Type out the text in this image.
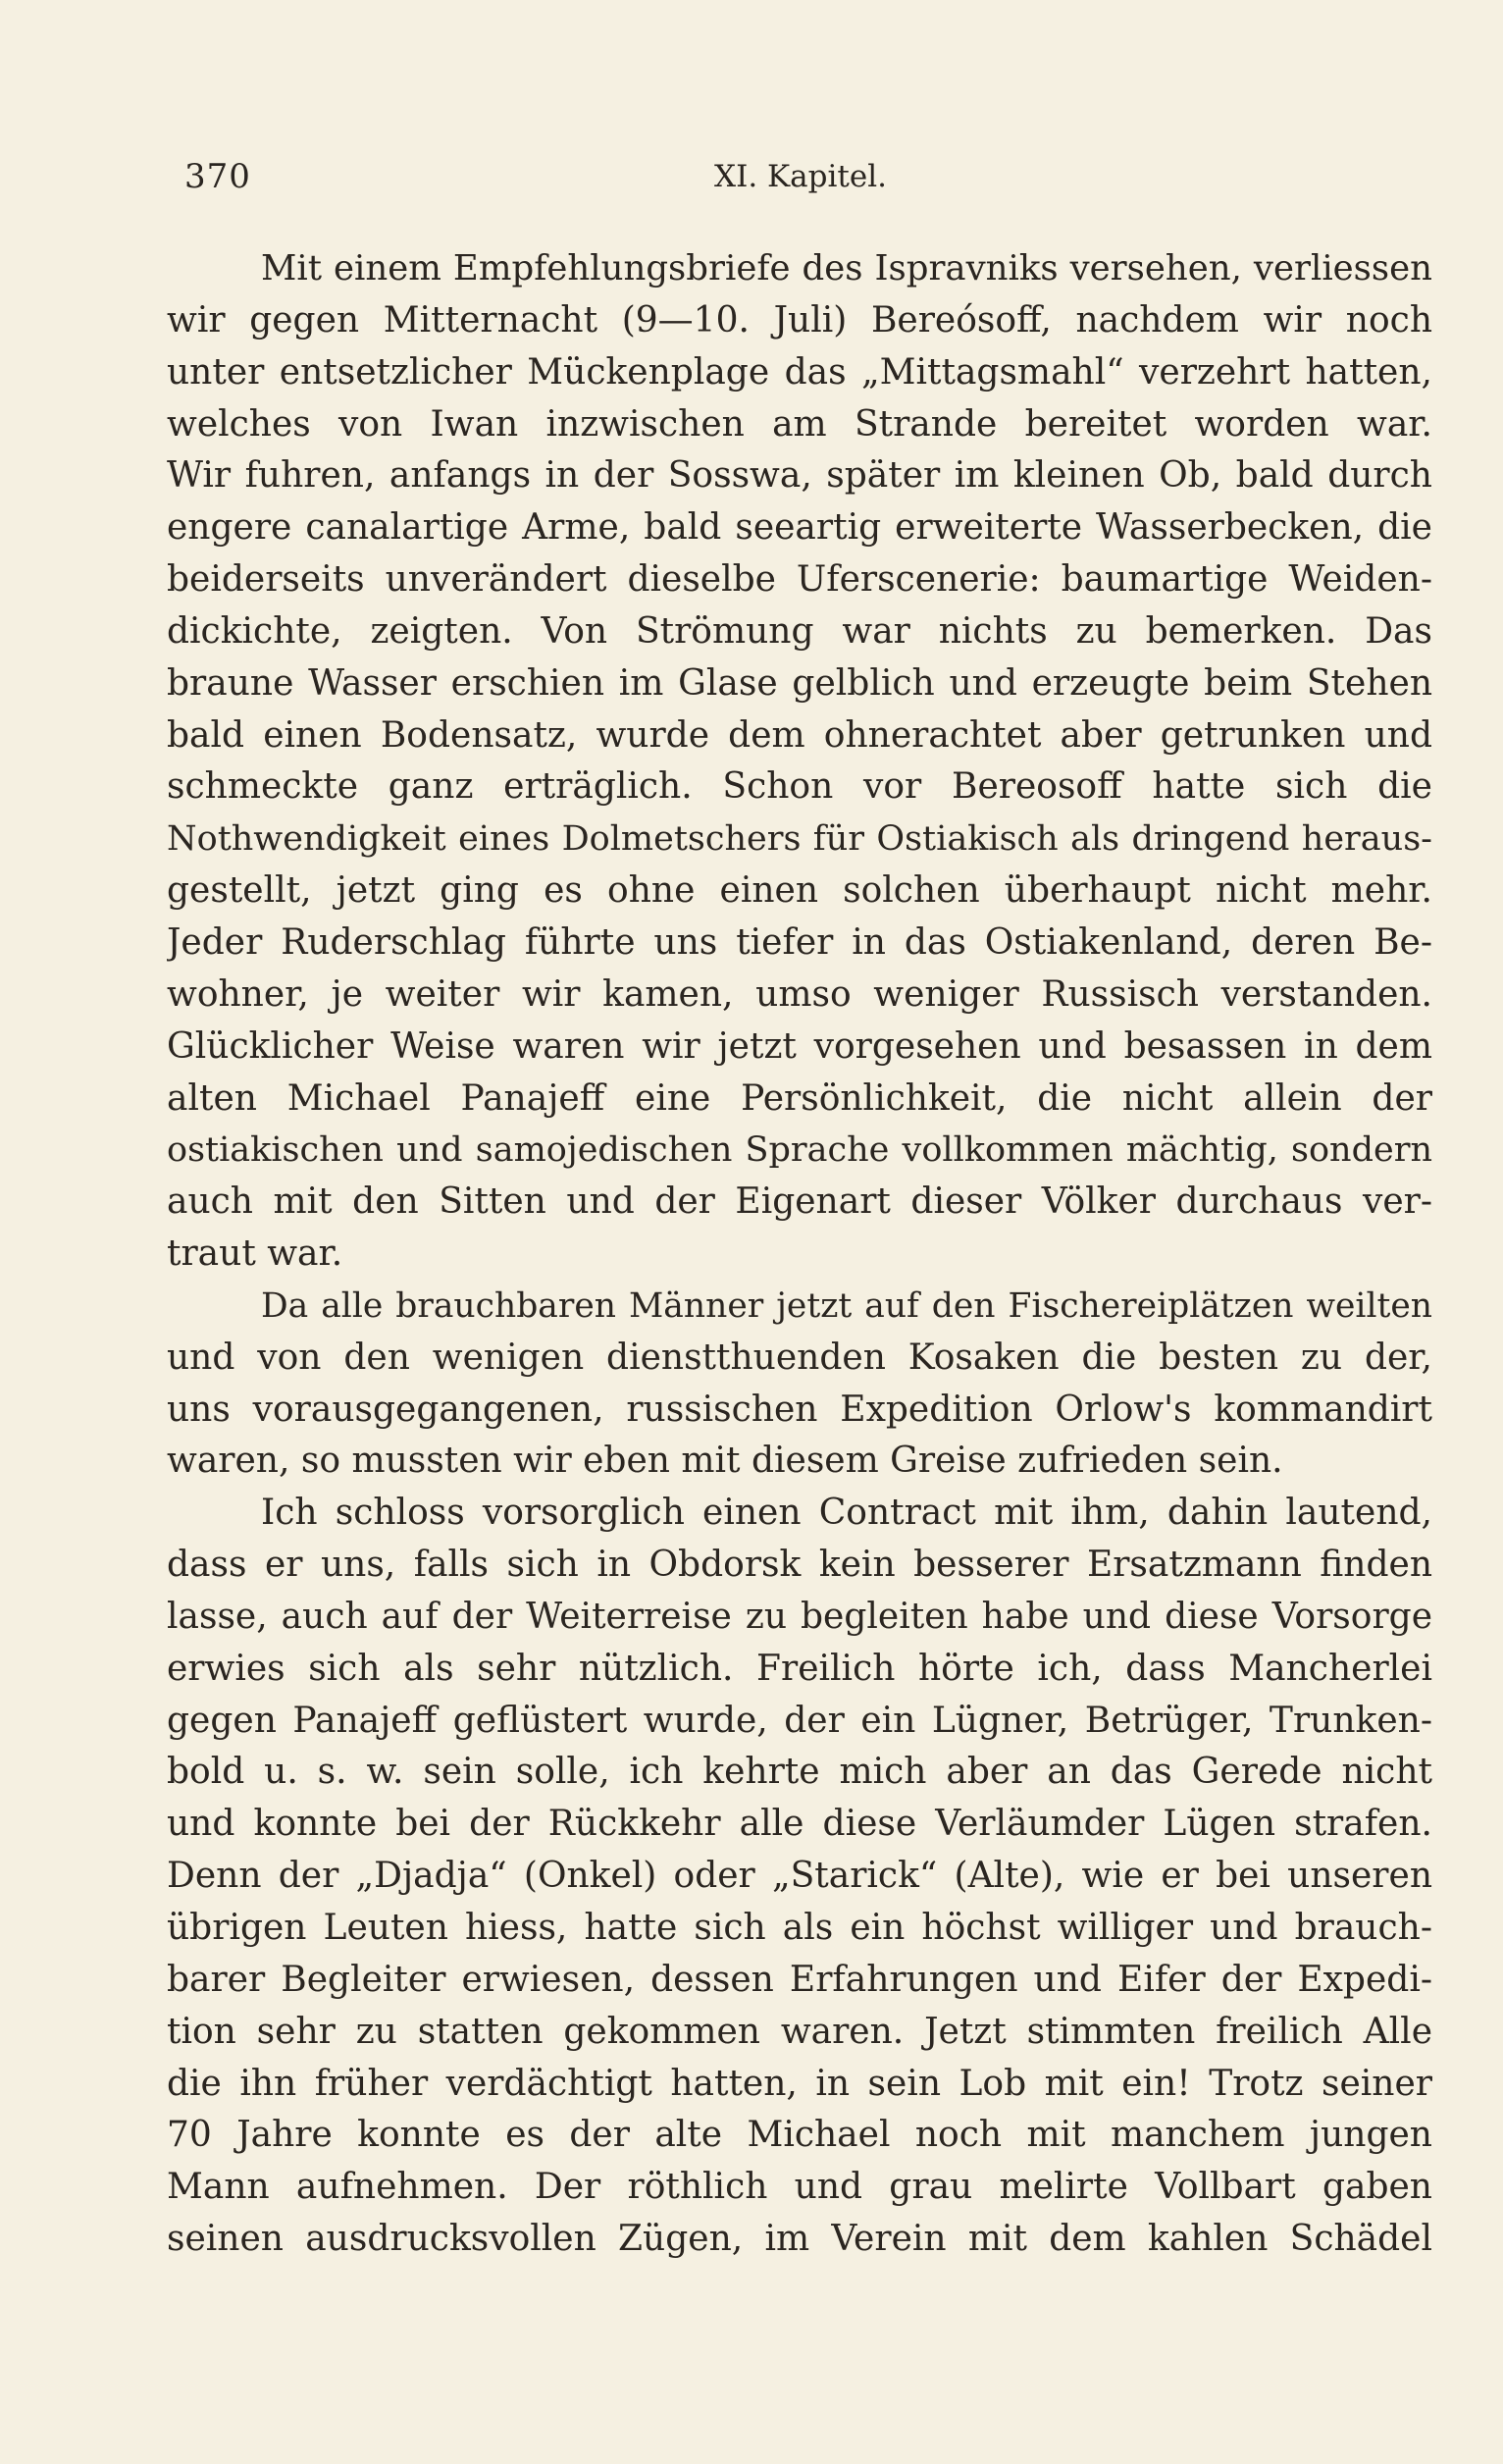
370	XI. Kapitel.
Mit einem Empfehlungsbriefe des Ispravniks versehen, verliessen
wir gegen Mitternacht (9—10. Juli) Bereósoff, nachdem wir noch
unter entsetzlicher Mückenplage das „Mittagsmahl“ verzehrt hatten,
welches von Iwan inzwischen am Strande bereitet worden war.
Wir fuhren, anfangs in der Sosswa, später im kleinen Ob, bald durch
engere canalartige Arme, bald seeartig erweiterte Wasserbecken, die
beiderseits unverändert dieselbe Uferscenerie: baumartige Weiden-
dickichte, zeigten. Von Strömung war nichts zu bemerken. Das
braune Wasser erschien im Glase gelblich und erzeugte beim Stehen
bald einen Bodensatz, wurde dem ohnerachtet aber getrunken und
schmeckte ganz erträglich. Schon vor Bereosoff hatte sich die
Nothwendigkeit eines Dolmetschers für Ostiakisch als dringend heraus-
gestellt, jetzt ging es ohne einen solchen überhaupt nicht mehr.
Jeder Ruderschlag führte uns tiefer in das Ostiakenland, deren Be-
wohner, je weiter wir kamen, umso weniger Russisch verstanden.
Glücklicher Weise waren wir jetzt vorgesehen und besassen in dem
alten Michael Panajeff eine Persönlichkeit, die nicht allein der
ostiakischen und samojedischen Sprache vollkommen mächtig, sondern
auch mit den Sitten und der Eigenart dieser Völker durchaus ver-
traut war.
Da alle brauchbaren Männer jetzt auf den Fischereiplätzen weilten
und von den wenigen dienstthuenden Kosaken die besten zu der,
uns vorausgegangenen, russischen Expedition Orlow's kommandirt
waren, so mussten wir eben mit diesem Greise zufrieden sein.
Ich schloss vorsorglich einen Contract mit ihm, dahin lautend,
dass er uns, falls sich in Obdorsk kein besserer Ersatzmann finden
lasse, auch auf der Weiterreise zu begleiten habe und diese Vorsorge
erwies sich als sehr nützlich. Freilich hörte ich, dass Mancherlei
gegen Panajeff geflüstert wurde, der ein Lügner, Betrüger, Trunken-
bold u. s. w. sein solle, ich kehrte mich aber an das Gerede nicht
und konnte bei der Rückkehr alle diese Verläumder Lügen strafen.
Denn der „Djadja“ (Onkel) oder „Starick“ (Alte), wie er bei unseren
übrigen Leuten hiess, hatte sich als ein höchst williger und brauch-
barer Begleiter erwiesen, dessen Erfahrungen und Eifer der Expedi-
tion sehr zu statten gekommen waren. Jetzt stimmten freilich Alle
die ihn früher verdächtigt hatten, in sein Lob mit ein! Trotz seiner
70 Jahre konnte es der alte Michael noch mit manchem jungen
Mann aufnehmen. Der röthlich und grau melirte Vollbart gaben
seinen ausdrucksvollen Zügen, im Verein mit dem kahlen Schädel
